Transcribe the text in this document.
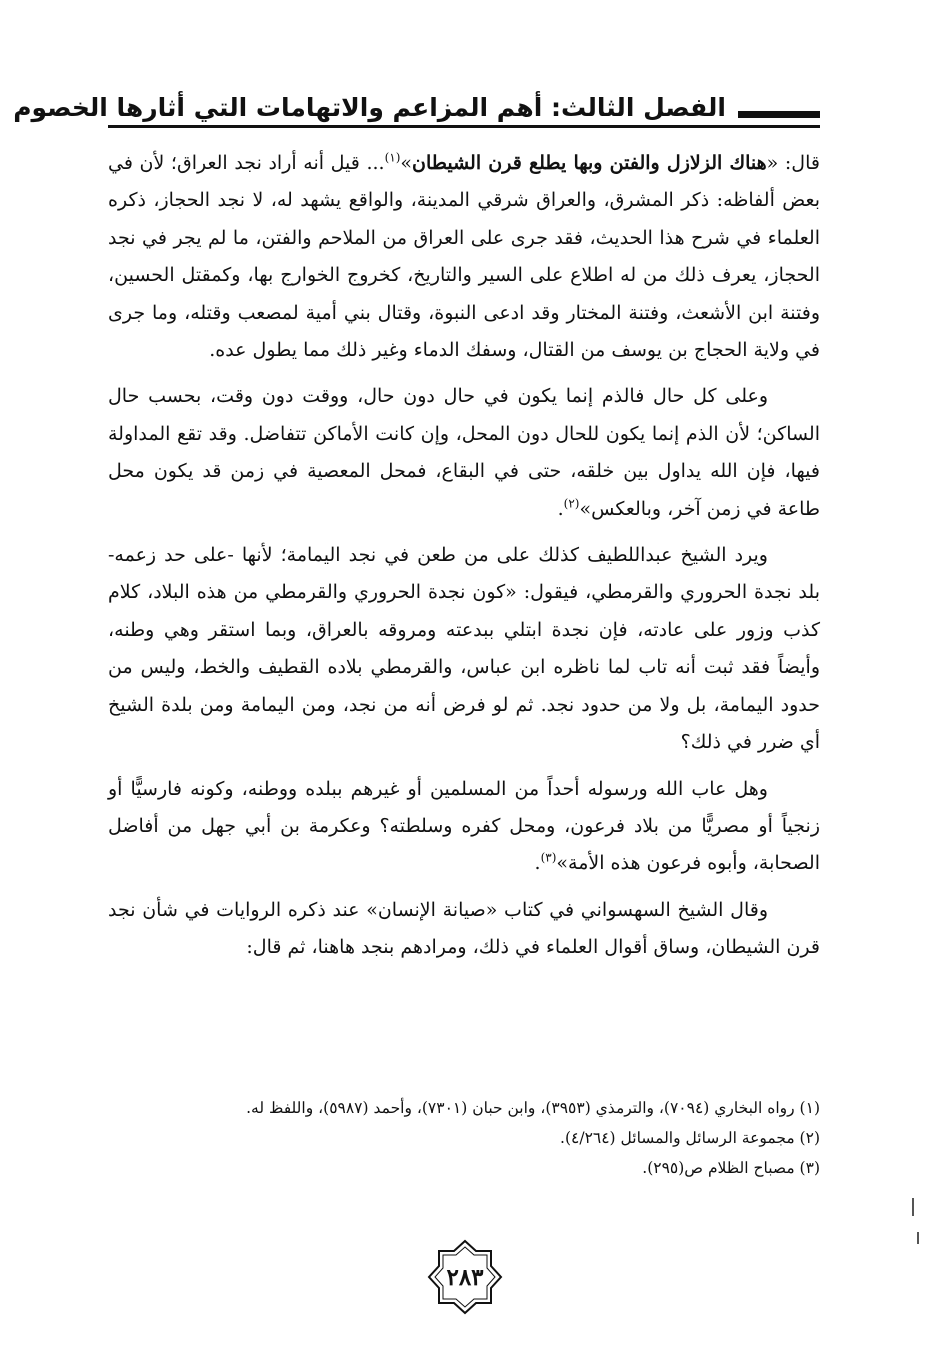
الفصل الثالث: أهم المزاعم والاتهامات التي أثارها الخصوم

قال: «هناك الزلازل والفتن وبها يطلع قرن الشيطان»$^{(١)}$... قيل أنه أراد نجد العراق؛ لأن في بعض ألفاظه: ذكر المشرق، والعراق شرقي المدينة، والواقع يشهد له، لا نجد الحجاز، ذكره العلماء في شرح هذا الحديث، فقد جرى على العراق من الملاحم والفتن، ما لم يجر في نجد الحجاز، يعرف ذلك من له اطلاع على السير والتاريخ، كخروج الخوارج بها، وكمقتل الحسين، وفتنة ابن الأشعث، وفتنة المختار وقد ادعى النبوة، وقتال بني أمية لمصعب وقتله، وما جرى في ولاية الحجاج بن يوسف من القتال، وسفك الدماء وغير ذلك مما يطول عده.

وعلى كل حال فالذم إنما يكون في حال دون حال، ووقت دون وقت، بحسب حال الساكن؛ لأن الذم إنما يكون للحال دون المحل، وإن كانت الأماكن تتفاضل. وقد تقع المداولة فيها، فإن الله يداول بين خلقه، حتى في البقاع، فمحل المعصية في زمن قد يكون محل طاعة في زمن آخر، وبالعكس»$^{(٢)}$.

ويرد الشيخ عبداللطيف كذلك على من طعن في نجد اليمامة؛ لأنها -على حد زعمه- بلد نجدة الحروري والقرمطي، فيقول: «كون نجدة الحروري والقرمطي من هذه البلاد، كلام كذب وزور على عادته، فإن نجدة ابتلي ببدعته ومروقه بالعراق، وبما استقر وهي وطنه، وأيضاً فقد ثبت أنه تاب لما ناظره ابن عباس، والقرمطي بلاده القطيف والخط، وليس من حدود اليمامة، بل ولا من حدود نجد. ثم لو فرض أنه من نجد، ومن اليمامة ومن بلدة الشيخ أي ضرر في ذلك؟

وهل عاب الله ورسوله أحداً من المسلمين أو غيرهم ببلده ووطنه، وكونه فارسيًّا أو زنجياً أو مصريًّا من بلاد فرعون، ومحل كفره وسلطته؟ وعكرمة بن أبي جهل من أفاضل الصحابة، وأبوه فرعون هذه الأمة»$^{(٣)}$.

وقال الشيخ السهسواني في كتاب «صيانة الإنسان» عند ذكره الروايات في شأن نجد قرن الشيطان، وساق أقوال العلماء في ذلك، ومرادهم بنجد هاهنا، ثم قال:

(١) رواه البخاري (٧٠٩٤)، والترمذي (٣٩٥٣)، وابن حبان (٧٣٠١)، وأحمد (٥٩٨٧)، واللفظ له.
(٢) مجموعة الرسائل والمسائل (٤/٢٦٤).
(٣) مصباح الظلام ص(٢٩٥).
٢٨٣
